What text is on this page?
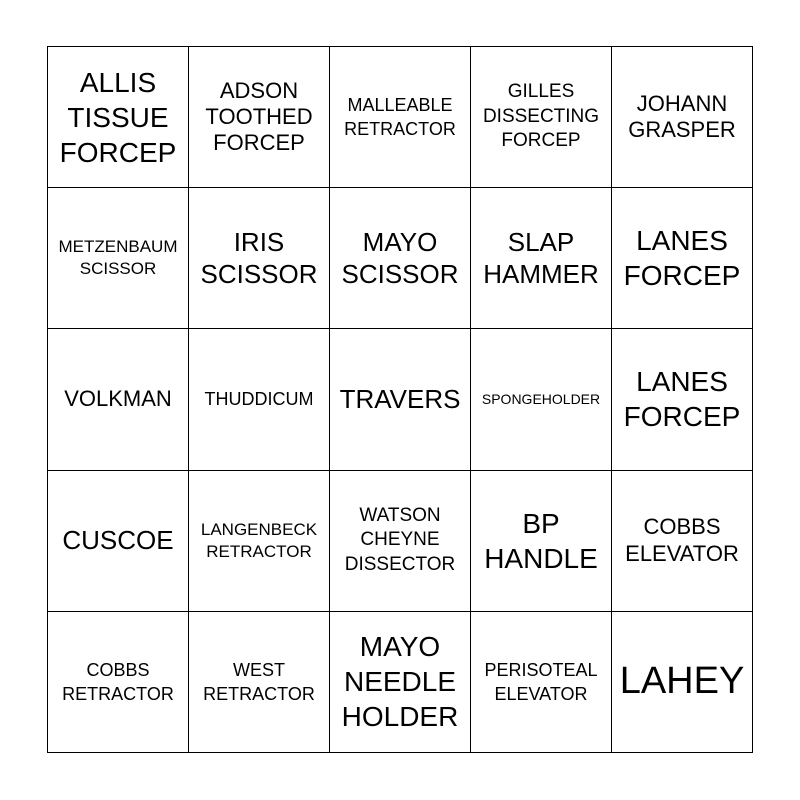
ALLIS
TISSUE
FORCEP
ADSON
TOOTHED
FORCEP
MALLEABLE
RETRACTOR
GILLES
DISSECTING
FORCEP
JOHANN
GRASPER
METZENBAUM
SCISSOR
IRIS
SCISSOR
MAYO
SCISSOR
SLAP
HAMMER
LANES
FORCEP
VOLKMAN THUDDICUM TRAVERS SPONGEHOLDER
LANES
FORCEP
CUSCOE LANGENBECK
RETRACTOR
WATSON
CHEYNE
DISSECTOR
BP
HANDLE
COBBS
ELEVATOR
COBBS
RETRACTOR
WEST
RETRACTOR
MAYO
NEEDLE
HOLDER
PERISOTEAL
ELEVATOR LAHEY
